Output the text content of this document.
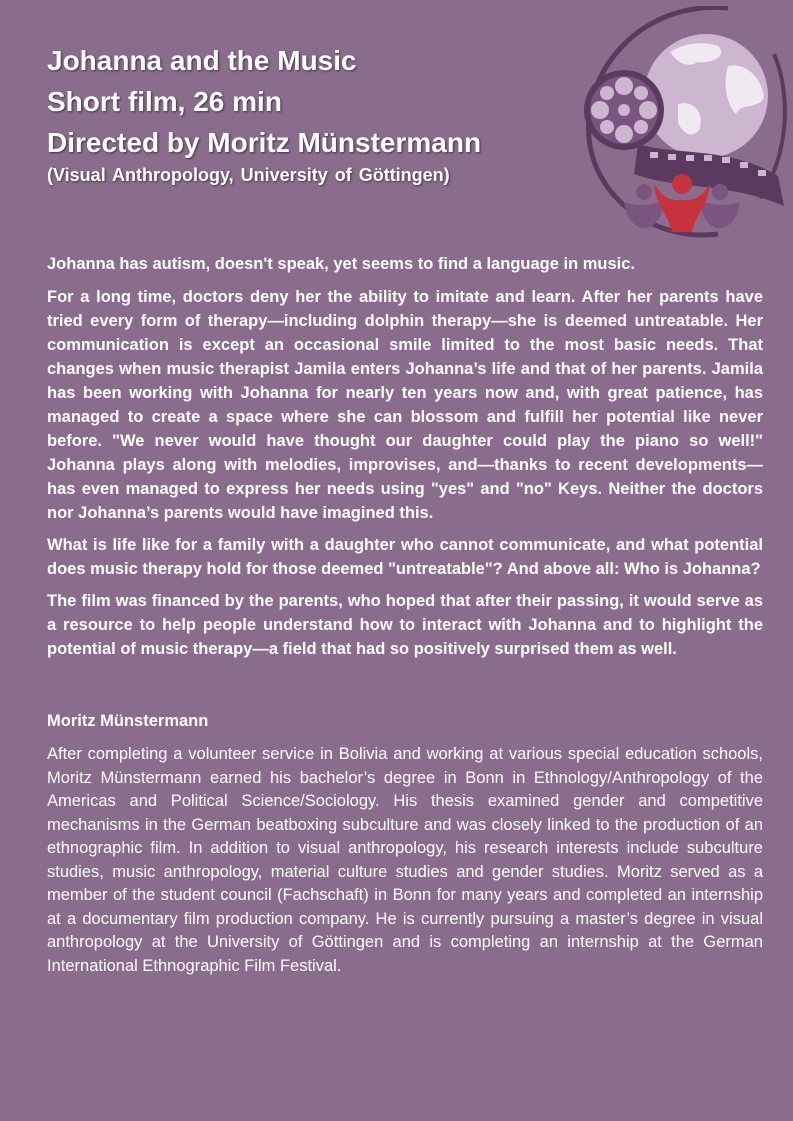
Johanna and the Music
Short film, 26 min
Directed by Moritz Münstermann
(Visual Anthropology, University of Göttingen)

Johanna has autism, doesn't speak, yet seems to find a language in music.

For a long time, doctors deny her the ability to imitate and learn. After her parents have tried every form of therapy—including dolphin therapy—she is deemed untreatable. Her communication is except an occasional smile limited to the most basic needs. That changes when music therapist Jamila enters Johanna’s life and that of her parents. Jamila has been working with Johanna for nearly ten years now and, with great patience, has managed to create a space where she can blossom and fulfill her potential like never before. "We never would have thought our daughter could play the piano so well!" Johanna plays along with melodies, improvises, and—thanks to recent developments—has even managed to express her needs using "yes" and "no" Keys. Neither the doctors nor Johanna’s parents would have imagined this.

What is life like for a family with a daughter who cannot communicate, and what potential does music therapy hold for those deemed "untreatable"? And above all: Who is Johanna?

The film was financed by the parents, who hoped that after their passing, it would serve as a resource to help people understand how to interact with Johanna and to highlight the potential of music therapy—a field that had so positively surprised them as well.

Moritz Münstermann

After completing a volunteer service in Bolivia and working at various special education schools, Moritz Münstermann earned his bachelor’s degree in Bonn in Ethnology/Anthropology of the Americas and Political Science/Sociology. His thesis examined gender and competitive mechanisms in the German beatboxing subculture and was closely linked to the production of an ethnographic film. In addition to visual anthropology, his research interests include subculture studies, music anthropology, material culture studies and gender studies. Moritz served as a member of the student council (Fachschaft) in Bonn for many years and completed an internship at a documentary film production company. He is currently pursuing a master’s degree in visual anthropology at the University of Göttingen and is completing an internship at the German International Ethnographic Film Festival.
